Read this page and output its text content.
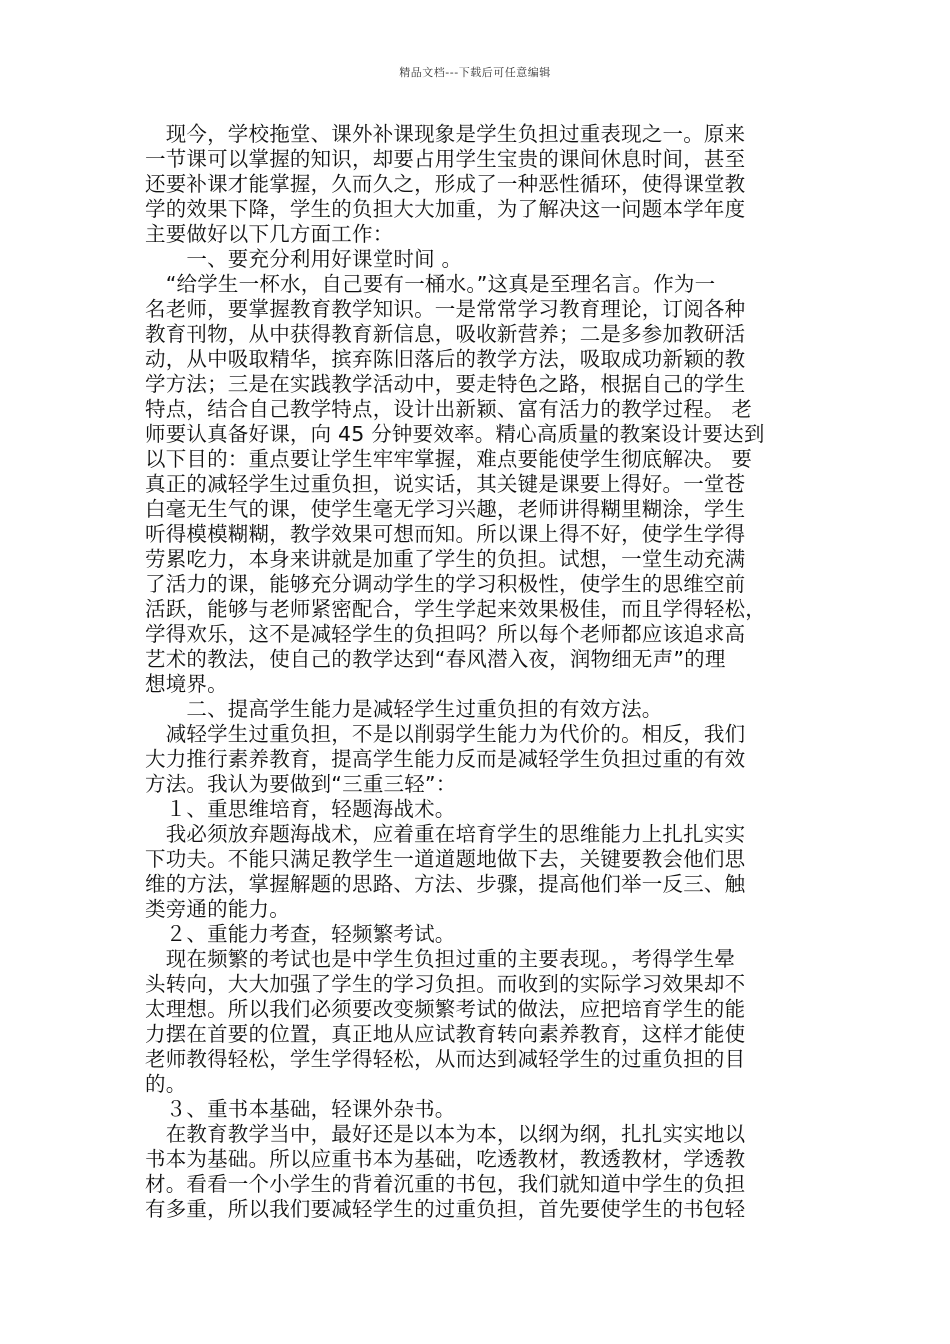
精品文档---下载后可任意编辑
　现今，学校拖堂、课外补课现象是学生负担过重表现之一。原来
一节课可以掌握的知识，却要占用学生宝贵的课间休息时间，甚至
还要补课才能掌握，久而久之，形成了一种恶性循环，使得课堂教
学的效果下降，学生的负担大大加重，为了解决这一问题本学年度
主要做好以下几方面工作：
　　一、要充分利用好课堂时间 。
　“给学生一杯水，自己要有一桶水。”这真是至理名言。作为一
名老师，要掌握教育教学知识。一是常常学习教育理论，订阅各种
教育刊物，从中获得教育新信息，吸收新营养；二是多参加教研活
动，从中吸取精华，摈弃陈旧落后的教学方法，吸取成功新颖的教
学方法；三是在实践教学活动中，要走特色之路，根据自己的学生
特点，结合自己教学特点，设计出新颖、富有活力的教学过程。 老
师要认真备好课，向 45 分钟要效率。精心高质量的教案设计要达到
以下目的：重点要让学生牢牢掌握，难点要能使学生彻底解决。 要
真正的减轻学生过重负担，说实话，其关键是课要上得好。一堂苍
白毫无生气的课，使学生毫无学习兴趣，老师讲得糊里糊涂，学生
听得模模糊糊，教学效果可想而知。所以课上得不好，使学生学得
劳累吃力，本身来讲就是加重了学生的负担。试想，一堂生动充满
了活力的课，能够充分调动学生的学习积极性，使学生的思维空前
活跃，能够与老师紧密配合，学生学起来效果极佳，而且学得轻松，
学得欢乐，这不是减轻学生的负担吗？所以每个老师都应该追求高
艺术的教法，使自己的教学达到“春风潜入夜，润物细无声”的理
想境界。
　　二、提高学生能力是减轻学生过重负担的有效方法。
　减轻学生过重负担，不是以削弱学生能力为代价的。相反，我们
大力推行素养教育，提高学生能力反而是减轻学生负担过重的有效
方法。我认为要做到“三重三轻”：
　１、重思维培育，轻题海战术。
　我必须放弃题海战术，应着重在培育学生的思维能力上扎扎实实
下功夫。不能只满足教学生一道道题地做下去，关键要教会他们思
维的方法，掌握解题的思路、方法、步骤，提高他们举一反三、触
类旁通的能力。
　２、重能力考查，轻频繁考试。
　现在频繁的考试也是中学生负担过重的主要表现。，考得学生晕
头转向，大大加强了学生的学习负担。而收到的实际学习效果却不
太理想。所以我们必须要改变频繁考试的做法，应把培育学生的能
力摆在首要的位置，真正地从应试教育转向素养教育，这样才能使
老师教得轻松，学生学得轻松，从而达到减轻学生的过重负担的目
的。
　３、重书本基础，轻课外杂书。
　在教育教学当中，最好还是以本为本，以纲为纲，扎扎实实地以
书本为基础。所以应重书本为基础，吃透教材，教透教材，学透教
材。看看一个小学生的背着沉重的书包，我们就知道中学生的负担
有多重，所以我们要减轻学生的过重负担，首先要使学生的书包轻
